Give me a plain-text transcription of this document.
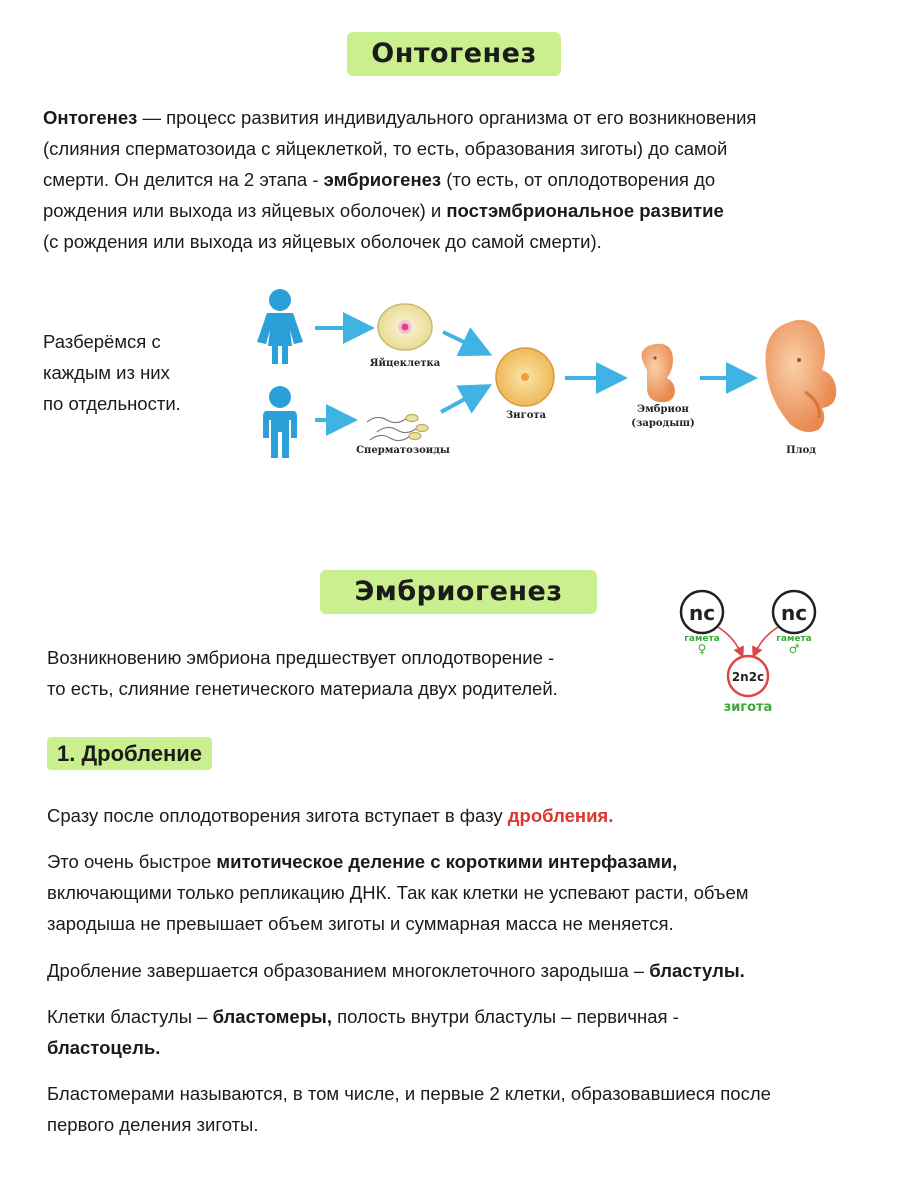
Онтогенез

Онтогенез — процесс развития индивидуального организма от его возникновения
(слияния сперматозоида с яйцеклеткой, то есть, образования зиготы) до самой
смерти. Он делится на 2 этапа - эмбриогенез (то есть, от оплодотворения до
рождения или выхода из яйцевых оболочек) и постэмбриональное развитие
(с рождения или выхода из яйцевых оболочек до самой смерти).

Разберёмся с
каждым из них
по отдельности.

Яйцеклетка
Сперматозоиды
Зигота
Эмбрион
(зародыш)
Плод
Эмбриогенез

Возникновению эмбриона предшествует оплодотворение -
то есть, слияние генетического материала двух родителей.

nc
гамета
♀
nc
гамета
♂
2n2c
зигота
1. Дробление

Сразу после оплодотворения зигота вступает в фазу дробления.

Это очень быстрое митотическое деление с короткими интерфазами,
включающими только репликацию ДНК. Так как клетки не успевают расти, объем
зародыша не превышает объем зиготы и суммарная масса не меняется.

Дробление завершается образованием многоклеточного зародыша – бластулы.

Клетки бластулы – бластомеры, полость внутри бластулы – первичная -
бластоцель.

Бластомерами называются, в том числе, и первые 2 клетки, образовавшиеся после
первого деления зиготы.
